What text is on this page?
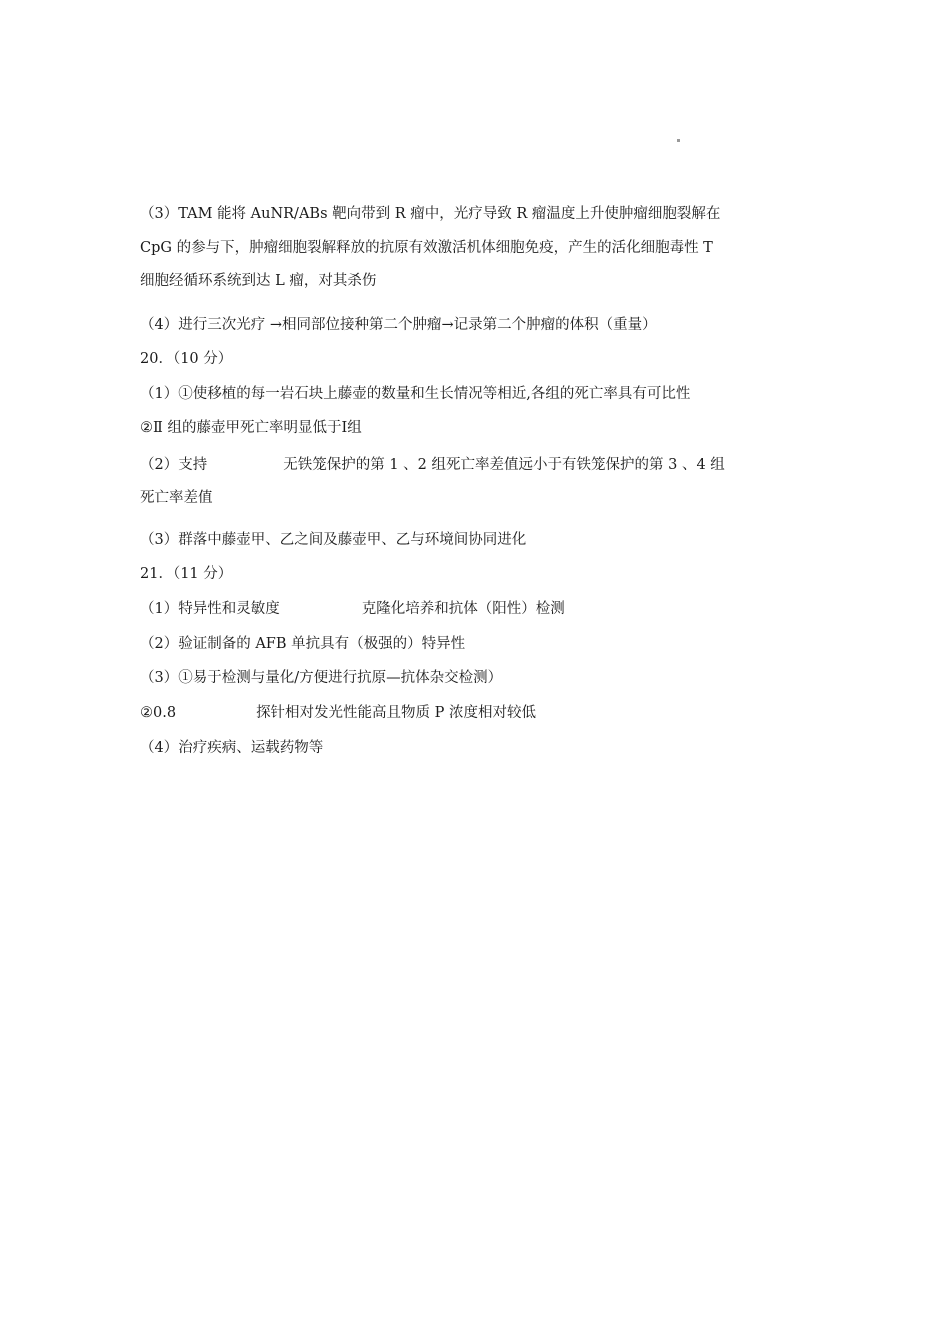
（3）TAM 能将 AuNR/ABs 靶向带到 R 瘤中，光疗导致 R 瘤温度上升使肿瘤细胞裂解在
CpG 的参与下，肿瘤细胞裂解释放的抗原有效激活机体细胞免疫，产生的活化细胞毒性 T
细胞经循环系统到达 L 瘤，对其杀伤
（4）进行三次光疗 →相同部位接种第二个肿瘤→记录第二个肿瘤的体积（重量）
20．（10 分）
（1）①使移植的每一岩石块上藤壶的数量和生长情况等相近,各组的死亡率具有可比性
②Ⅱ 组的藤壶甲死亡率明显低于Ⅰ组
（2）支持	无铁笼保护的第 1 、2 组死亡率差值远小于有铁笼保护的第 3 、4 组
死亡率差值
（3）群落中藤壶甲、乙之间及藤壶甲、乙与环境间协同进化
21．（11 分）
（1）特异性和灵敏度	克隆化培养和抗体（阳性）检测
（2）验证制备的 AFB 单抗具有（极强的）特异性
（3）①易于检测与量化/方便进行抗原—抗体杂交检测）
②0.8	探针相对发光性能高且物质 P 浓度相对较低
（4）治疗疾病、运载药物等
